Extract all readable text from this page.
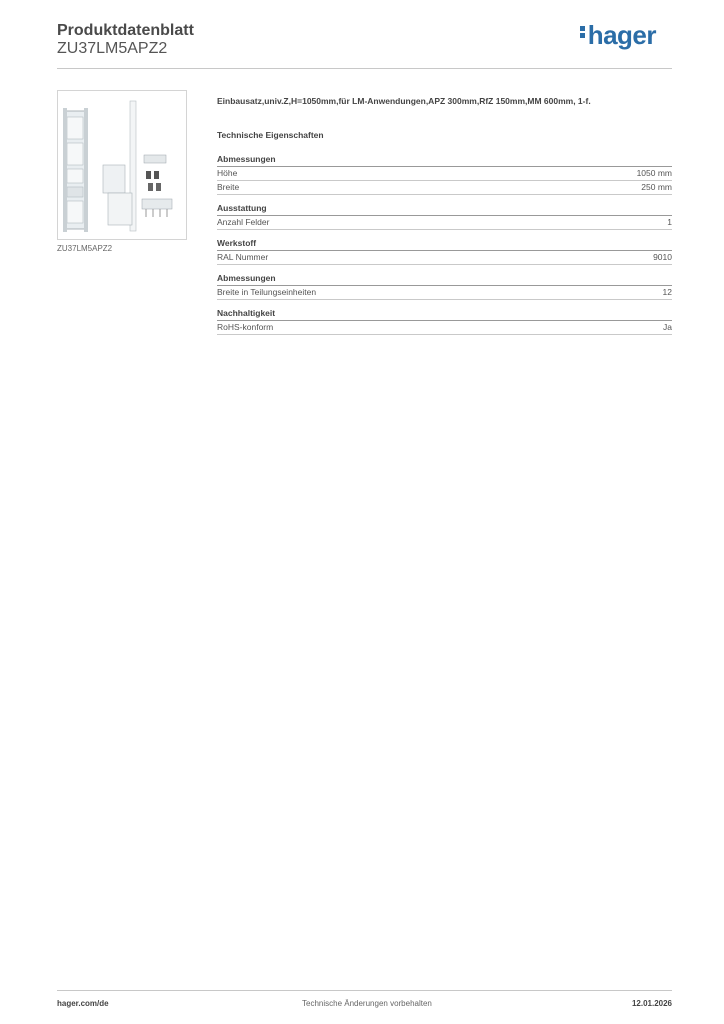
Produktdatenblatt
ZU37LM5APZ2	hager
ZU37LM5APZ2
Einbausatz,univ.Z,H=1050mm,für LM-Anwendungen,APZ 300mm,RfZ 150mm,MM 600mm, 1-f.
Technische Eigenschaften
Abmessungen
Höhe	1050 mm
Breite	250 mm
Ausstattung
Anzahl Felder	1
Werkstoff
RAL Nummer	9010
Abmessungen
Breite in Teilungseinheiten	12
Nachhaltigkeit
RoHS-konform	Ja
hager.com/de	Technische Änderungen vorbehalten	12.01.2026
